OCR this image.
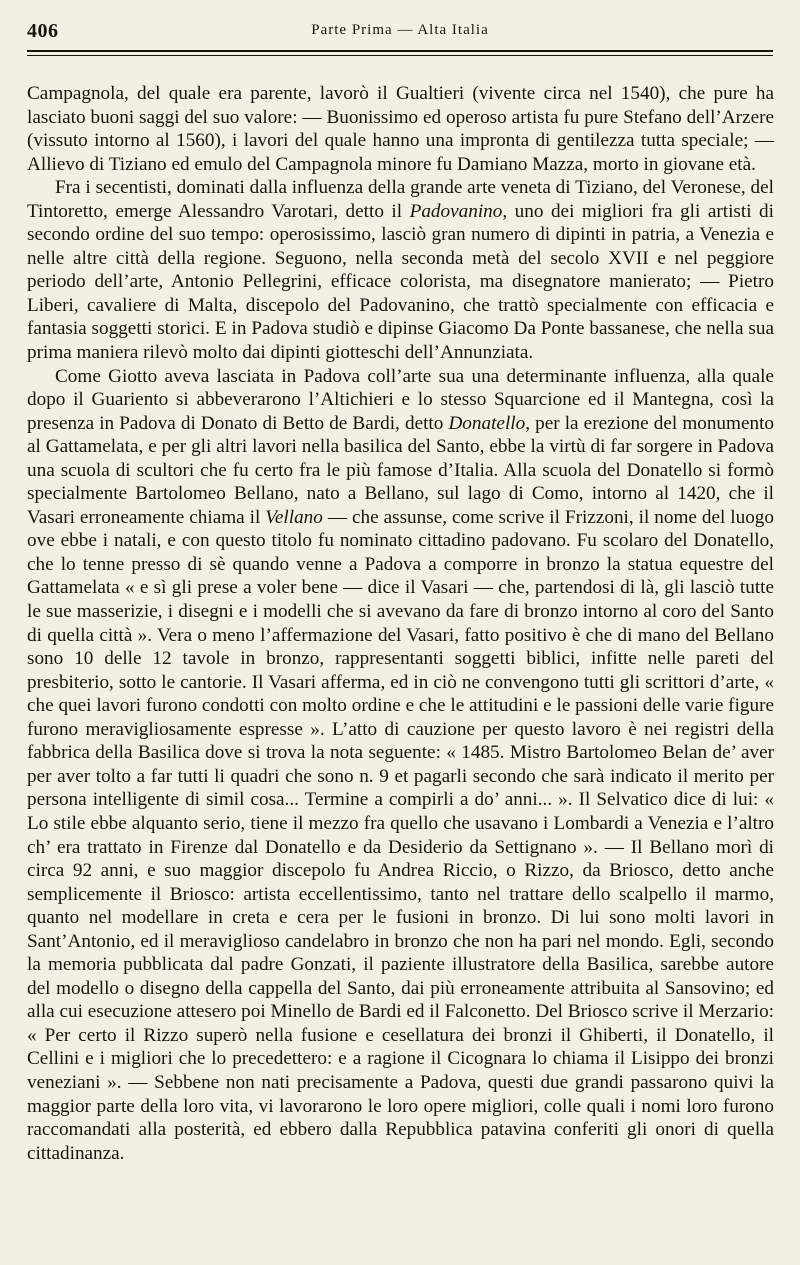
406	Parte Prima — Alta Italia

Campagnola, del quale era parente, lavorò il Gualtieri (vivente circa nel 1540), che pure ha lasciato buoni saggi del suo valore: — Buonissimo ed operoso artista fu pure Stefano dell’Arzere (vissuto intorno al 1560), i lavori del quale hanno una impronta di gentilezza tutta speciale; — Allievo di Tiziano ed emulo del Campagnola minore fu Damiano Mazza, morto in giovane età.

Fra i secentisti, dominati dalla influenza della grande arte veneta di Tiziano, del Veronese, del Tintoretto, emerge Alessandro Varotari, detto il Padovanino, uno dei migliori fra gli artisti di secondo ordine del suo tempo: operosissimo, lasciò gran numero di dipinti in patria, a Venezia e nelle altre città della regione. Seguono, nella seconda metà del secolo XVII e nel peggiore periodo dell’arte, Antonio Pellegrini, efficace colorista, ma disegnatore manierato; — Pietro Liberi, cavaliere di Malta, discepolo del Padovanino, che trattò specialmente con efficacia e fantasia soggetti storici. E in Padova studiò e dipinse Giacomo Da Ponte bassanese, che nella sua prima maniera rilevò molto dai dipinti giotteschi dell’Annunziata.

Come Giotto aveva lasciata in Padova coll’arte sua una determinante influenza, alla quale dopo il Guariento si abbeverarono l’Altichieri e lo stesso Squarcione ed il Mantegna, così la presenza in Padova di Donato di Betto de Bardi, detto Donatello, per la erezione del monumento al Gattamelata, e per gli altri lavori nella basilica del Santo, ebbe la virtù di far sorgere in Padova una scuola di scultori che fu certo fra le più famose d’Italia. Alla scuola del Donatello si formò specialmente Bartolomeo Bellano, nato a Bellano, sul lago di Como, intorno al 1420, che il Vasari erroneamente chiama il Vellano — che assunse, come scrive il Frizzoni, il nome del luogo ove ebbe i natali, e con questo titolo fu nominato cittadino padovano. Fu scolaro del Donatello, che lo tenne presso di sè quando venne a Padova a comporre in bronzo la statua equestre del Gattamelata « e sì gli prese a voler bene — dice il Vasari — che, partendosi di là, gli lasciò tutte le sue masserizie, i disegni e i modelli che si avevano da fare di bronzo intorno al coro del Santo di quella città ». Vera o meno l’affermazione del Vasari, fatto positivo è che di mano del Bellano sono 10 delle 12 tavole in bronzo, rappresentanti soggetti biblici, infitte nelle pareti del presbiterio, sotto le cantorie. Il Vasari afferma, ed in ciò ne convengono tutti gli scrittori d’arte, « che quei lavori furono condotti con molto ordine e che le attitudini e le passioni delle varie figure furono meravigliosamente espresse ». L’atto di cauzione per questo lavoro è nei registri della fabbrica della Basilica dove si trova la nota seguente: « 1485. Mistro Bartolomeo Belan de’ aver per aver tolto a far tutti li quadri che sono n. 9 et pagarli secondo che sarà indicato il merito per persona intelligente di simil cosa... Termine a compirli a do’ anni... ». Il Selvatico dice di lui: « Lo stile ebbe alquanto serio, tiene il mezzo fra quello che usavano i Lombardi a Venezia e l’altro ch’ era trattato in Firenze dal Donatello e da Desiderio da Settignano ». — Il Bellano morì di circa 92 anni, e suo maggior discepolo fu Andrea Riccio, o Rizzo, da Briosco, detto anche semplicemente il Briosco: artista eccellentissimo, tanto nel trattare dello scalpello il marmo, quanto nel modellare in creta e cera per le fusioni in bronzo. Di lui sono molti lavori in Sant’Antonio, ed il meraviglioso candelabro in bronzo che non ha pari nel mondo. Egli, secondo la memoria pubblicata dal padre Gonzati, il paziente illustratore della Basilica, sarebbe autore del modello o disegno della cappella del Santo, dai più erroneamente attribuita al Sansovino; ed alla cui esecuzione attesero poi Minello de Bardi ed il Falconetto. Del Briosco scrive il Merzario: « Per certo il Rizzo superò nella fusione e cesellatura dei bronzi il Ghiberti, il Donatello, il Cellini e i migliori che lo precedettero: e a ragione il Cicognara lo chiama il Lisippo dei bronzi veneziani ». — Sebbene non nati precisamente a Padova, questi due grandi passarono quivi la maggior parte della loro vita, vi lavorarono le loro opere migliori, colle quali i nomi loro furono raccomandati alla posterità, ed ebbero dalla Repubblica patavina conferiti gli onori di quella cittadinanza.
